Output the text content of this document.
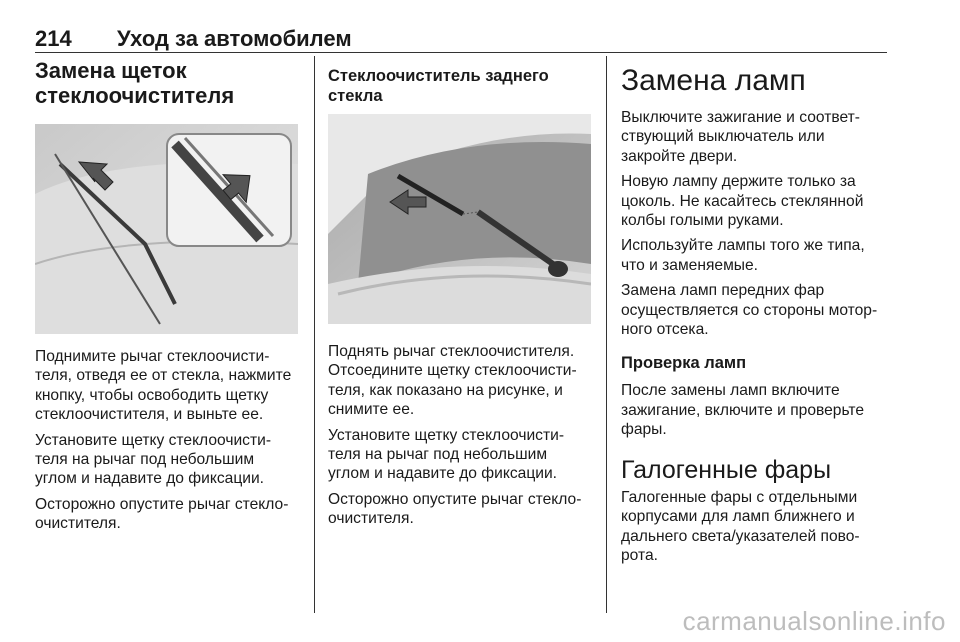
214 Уход за автомобилем
Замена щеток
стеклоочистителя

Поднимите рычаг стеклоочисти-
теля, отведя ее от стекла, нажмите
кнопку, чтобы освободить щетку
стеклоочистителя, и выньте ее.

Установите щетку стеклоочисти-
теля на рычаг под небольшим
углом и надавите до фиксации.

Осторожно опустите рычаг стекло-
очистителя.

Стеклоочиститель заднего
стекла

Поднять рычаг стеклоочистителя.
Отсоедините щетку стеклоочисти-
теля, как показано на рисунке, и
снимите ее.

Установите щетку стеклоочисти-
теля на рычаг под небольшим
углом и надавите до фиксации.

Осторожно опустите рычаг стекло-
очистителя.

Замена ламп

Выключите зажигание и соответ-
ствующий выключатель или
закройте двери.

Новую лампу держите только за
цоколь. Не касайтесь стеклянной
колбы голыми руками.

Используйте лампы того же типа,
что и заменяемые.

Замена ламп передних фар
осуществляется со стороны мотор-
ного отсека.

Проверка ламп

После замены ламп включите
зажигание, включите и проверьте
фары.

Галогенные фары

Галогенные фары с отдельными
корпусами для ламп ближнего и
дальнего света/указателей пово-
рота.

carmanualsonline.info
